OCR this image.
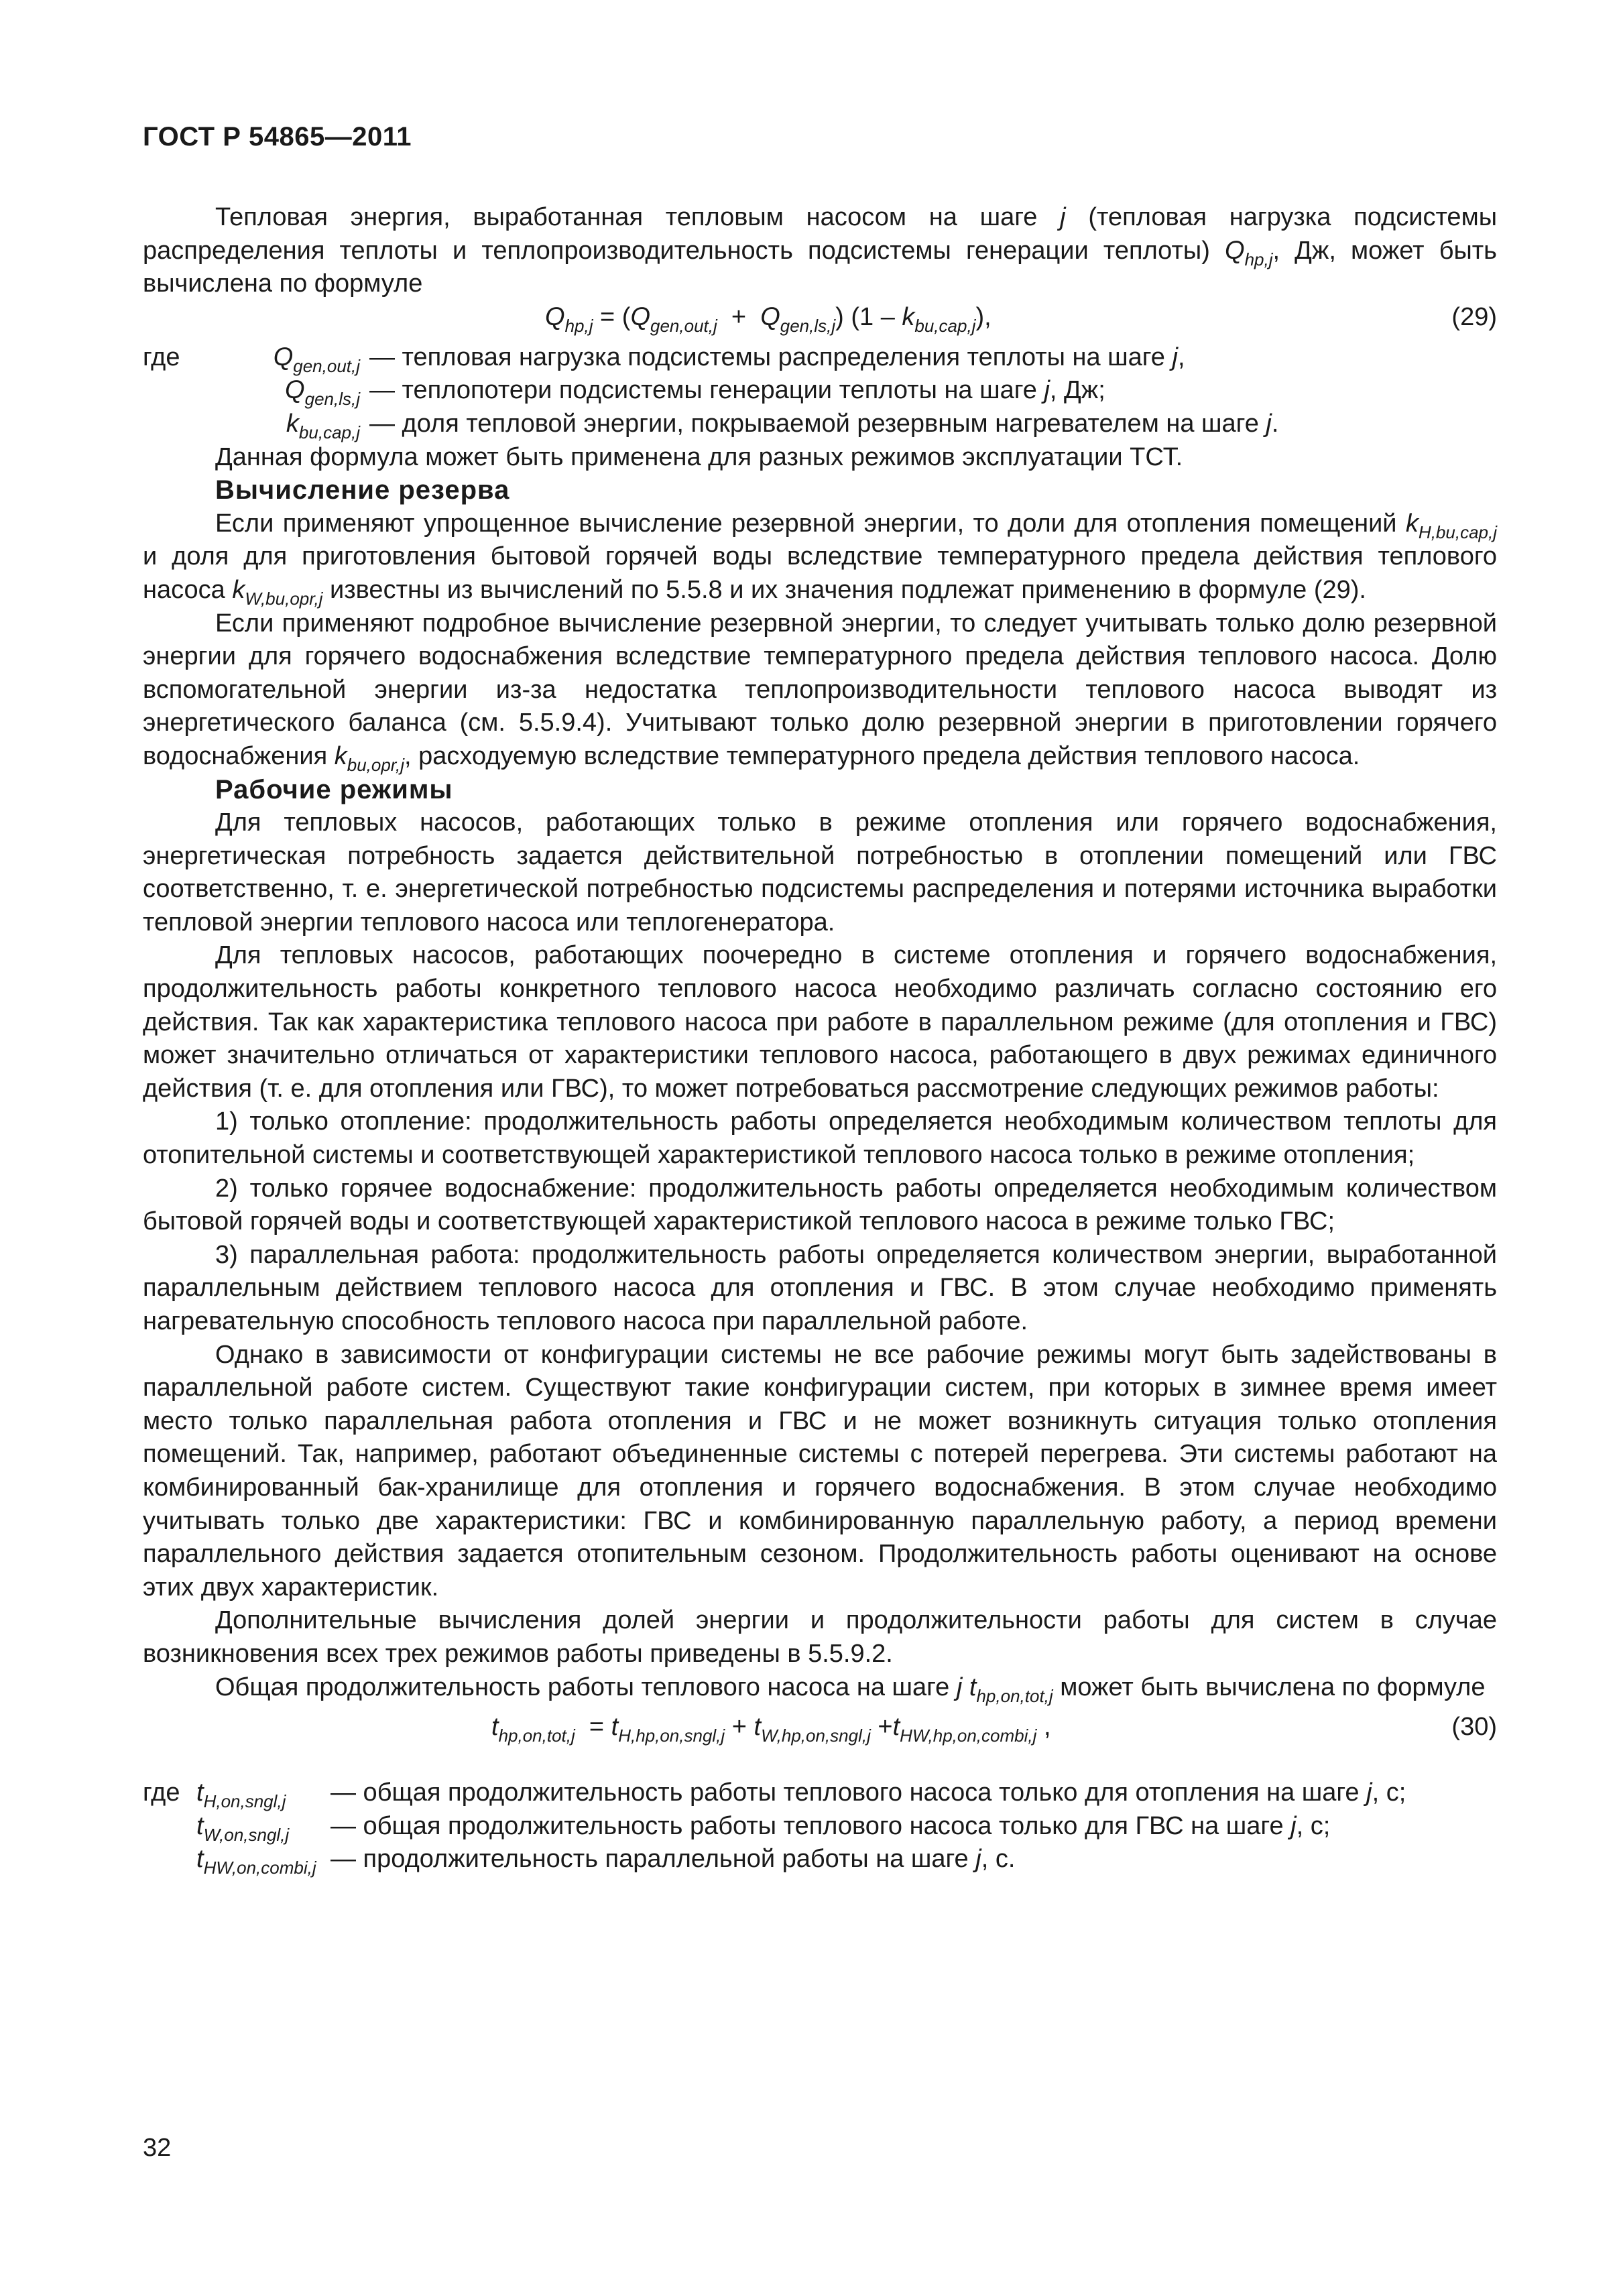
ГОСТ Р 54865—2011

Тепловая энергия, выработанная тепловым насосом на шаге j (тепловая нагрузка подсистемы распределения теплоты и теплопроизводительность подсистемы генерации теплоты) $Q_{hp,j}$, Дж, может быть вычислена по формуле

$Q_{hp,j} = (Q_{gen,out,j} + Q_{gen,ls,j})$ $(1 - k_{bu,cap,j})$,	(29)
где	$Q_{gen,out,j}$ — тепловая нагрузка подсистемы распределения теплоты на шаге j,
$Q_{gen,ls,j}$ — теплопотери подсистемы генерации теплоты на шаге j, Дж;
$k_{bu,cap,j}$ — доля тепловой энергии, покрываемой резервным нагревателем на шаге j.

Данная формула может быть применена для разных режимов эксплуатации ТСТ.

Вычисление резерва

Если применяют упрощенное вычисление резервной энергии, то доли для отопления помещений $k_{H,bu,cap,j}$ и доля для приготовления бытовой горячей воды вследствие температурного предела действия теплового насоса $k_{W,bu,opr,j}$ известны из вычислений по 5.5.8 и их значения подлежат применению в формуле (29).

Если применяют подробное вычисление резервной энергии, то следует учитывать только долю резервной энергии для горячего водоснабжения вследствие температурного предела действия теплового насоса. Долю вспомогательной энергии из-за недостатка теплопроизводительности теплового насоса выводят из энергетического баланса (см. 5.5.9.4). Учитывают только долю резервной энергии в приготовлении горячего водоснабжения $k_{bu,opr,j}$, расходуемую вследствие температурного предела действия теплового насоса.

Рабочие режимы

Для тепловых насосов, работающих только в режиме отопления или горячего водоснабжения, энергетическая потребность задается действительной потребностью в отоплении помещений или ГВС соответственно, т. е. энергетической потребностью подсистемы распределения и потерями источника выработки тепловой энергии теплового насоса или теплогенератора.

Для тепловых насосов, работающих поочередно в системе отопления и горячего водоснабжения, продолжительность работы конкретного теплового насоса необходимо различать согласно состоянию его действия. Так как характеристика теплового насоса при работе в параллельном режиме (для отопления и ГВС) может значительно отличаться от характеристики теплового насоса, работающего в двух режимах единичного действия (т. е. для отопления или ГВС), то может потребоваться рассмотрение следующих режимов работы:

1) только отопление: продолжительность работы определяется необходимым количеством теплоты для отопительной системы и соответствующей характеристикой теплового насоса только в режиме отопления;

2) только горячее водоснабжение: продолжительность работы определяется необходимым количеством бытовой горячей воды и соответствующей характеристикой теплового насоса в режиме только ГВС;

3) параллельная работа: продолжительность работы определяется количеством энергии, выработанной параллельным действием теплового насоса для отопления и ГВС. В этом случае необходимо применять нагревательную способность теплового насоса при параллельной работе.

Однако в зависимости от конфигурации системы не все рабочие режимы могут быть задействованы в параллельной работе систем. Существуют такие конфигурации систем, при которых в зимнее время имеет место только параллельная работа отопления и ГВС и не может возникнуть ситуация только отопления помещений. Так, например, работают объединенные системы с потерей перегрева. Эти системы работают на комбинированный бак-хранилище для отопления и горячего водоснабжения. В этом случае необходимо учитывать только две характеристики: ГВС и комбинированную параллельную работу, а период времени параллельного действия задается отопительным сезоном. Продолжительность работы оценивают на основе этих двух характеристик.

Дополнительные вычисления долей энергии и продолжительности работы для систем в случае возникновения всех трех режимов работы приведены в 5.5.9.2.

Общая продолжительность работы теплового насоса на шаге j $t_{hp,on,tot,j}$ может быть вычислена по формуле

$t_{hp,on,tot,j} = t_{H,hp,on,sngl,j} + t_{W,hp,on,sngl,j} +t_{HW,hp,on,combi,j}$ ,	(30)
где $t_{H,on,sngl,j}$	— общая продолжительность работы теплового насоса только для отопления на шаге j, с;
$t_{W,on,sngl,j}$	— общая продолжительность работы теплового насоса только для ГВС на шаге j, с;
$t_{HW,on,combi,j}$ — продолжительность параллельной работы на шаге j, с.
32
